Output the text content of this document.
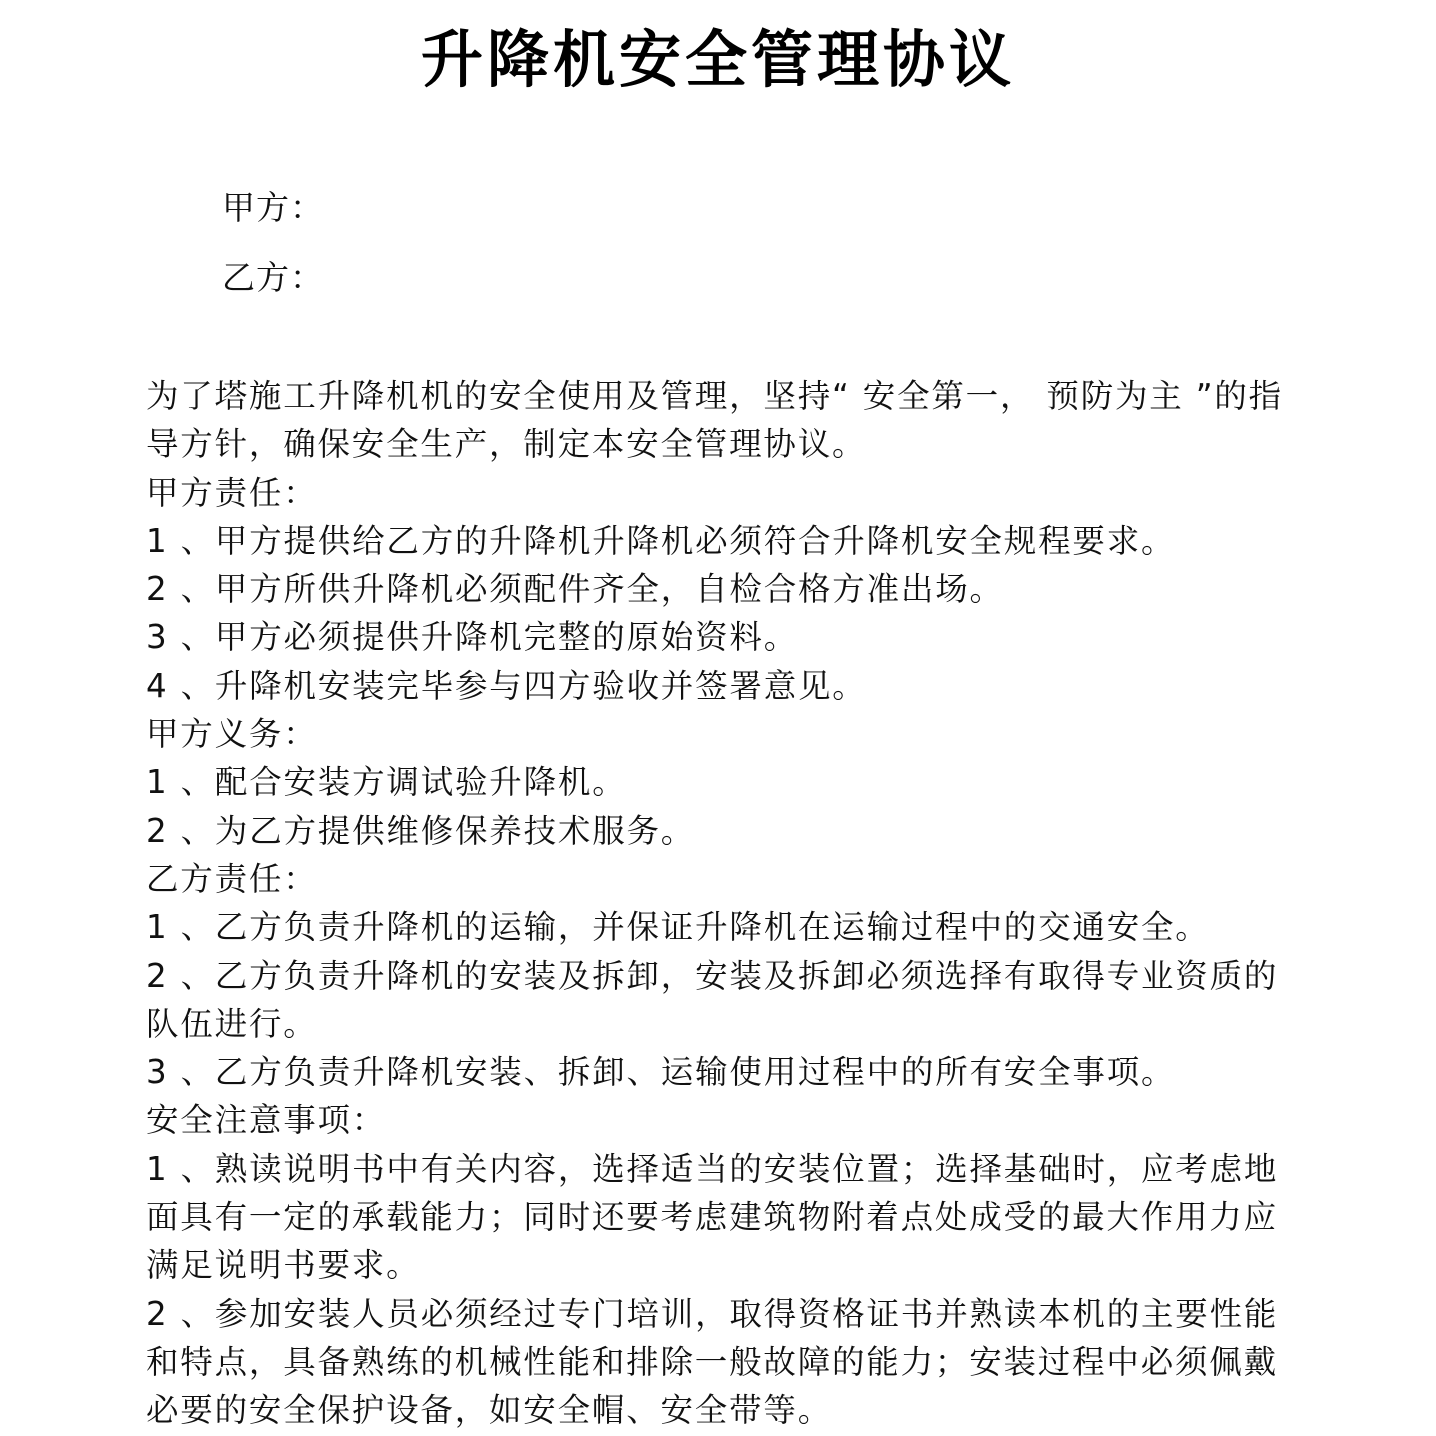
升降机安全管理协议
甲方：
乙方：

为了塔施工升降机机的安全使用及管理，坚持“ 安全第一， 预防为主 ”的指导方针，确保安全生产，制定本安全管理协议。

甲方责任：

1 、甲方提供给乙方的升降机升降机必须符合升降机安全规程要求。

2 、甲方所供升降机必须配件齐全，自检合格方准出场。

3 、甲方必须提供升降机完整的原始资料。

4 、升降机安装完毕参与四方验收并签署意见。

甲方义务：

1 、配合安装方调试验升降机。

2 、为乙方提供维修保养技术服务。

乙方责任：

1 、乙方负责升降机的运输，并保证升降机在运输过程中的交通安全。

2 、乙方负责升降机的安装及拆卸，安装及拆卸必须选择有取得专业资质的队伍进行。

3 、乙方负责升降机安装、拆卸、运输使用过程中的所有安全事项。

安全注意事项：

1 、熟读说明书中有关内容，选择适当的安装位置；选择基础时，应考虑地面具有一定的承载能力；同时还要考虑建筑物附着点处成受的最大作用力应满足说明书要求。

2 、参加安装人员必须经过专门培训，取得资格证书并熟读本机的主要性能和特点，具备熟练的机械性能和排除一般故障的能力；安装过程中必须佩戴必要的安全保护设备，如安全帽、安全带等。
